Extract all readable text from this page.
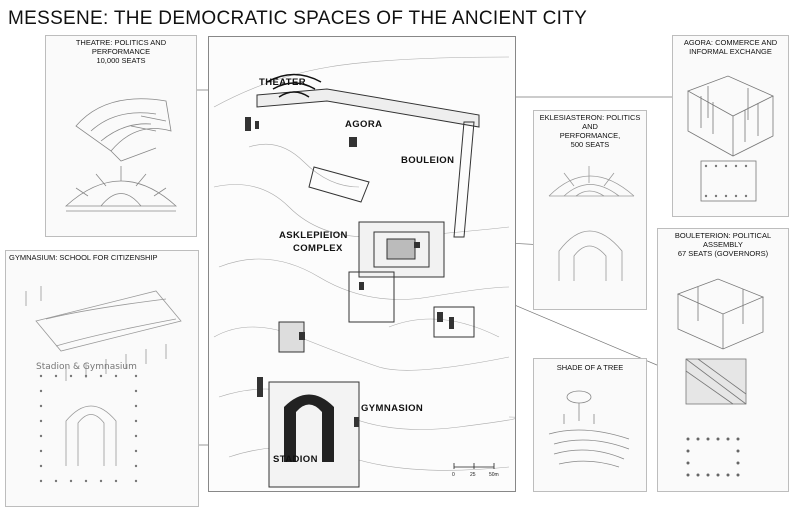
MESSENE: THE DEMOCRATIC SPACES OF THE ANCIENT CITY
THEATRE: POLITICS AND PERFORMANCE
10,000 SEATS
GYMNASIUM: SCHOOL FOR CITIZENSHIP
Stadion & Gymnasium
0	25	50m
THEATER
AGORA
BOULEION
ASKLEPIEION
COMPLEX
GYMNASION
STADION
EKLESIASTERON: POLITICS AND
PERFORMANCE,
500 SEATS
SHADE OF A TREE
AGORA: COMMERCE AND
INFORMAL EXCHANGE
BOULETERION: POLITICAL
ASSEMBLY
67 SEATS (GOVERNORS)
